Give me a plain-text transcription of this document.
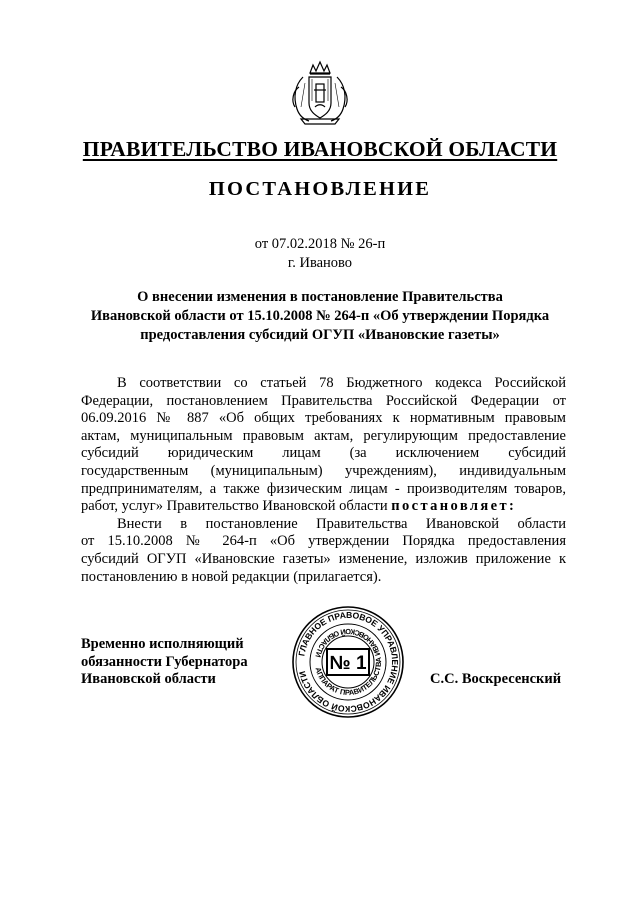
ПРАВИТЕЛЬСТВО ИВАНОВСКОЙ ОБЛАСТИ
ПОСТАНОВЛЕНИЕ
от 07.02.2018 № 26-п
г. Иваново
О внесении изменения в постановление Правительства
Ивановской области от 15.10.2008 № 264-п «Об утверждении Порядка
предоставления субсидий ОГУП «Ивановские газеты»
В соответствии со статьей 78 Бюджетного кодекса Российской
Федерации, постановлением Правительства Российской Федерации от
06.09.2016 № 887 «Об общих требованиях к нормативным правовым
актам, муниципальным правовым актам, регулирующим предоставление
субсидий юридическим лицам (за исключением субсидий
государственным (муниципальным) учреждениям), индивидуальным
предпринимателям, а также физическим лицам - производителям товаров,
работ, услуг» Правительство Ивановской области постановляет:
Внести в постановление Правительства Ивановской области
от 15.10.2008 № 264-п «Об утверждении Порядка предоставления
субсидий ОГУП «Ивановские газеты» изменение, изложив приложение к
постановлению в новой редакции (прилагается).
Временно исполняющий
обязанности Губернатора
Ивановской области
ГЛАВНОЕ ПРАВОВОЕ УПРАВЛЕНИЕ ИВАНОВСКОЙ ОБЛАСТИ АППАРАТ ПРАВИТЕЛЬСТВА ИВАНОВСКОЙ ОБЛАСТИ № 1
С.С. Воскресенский
